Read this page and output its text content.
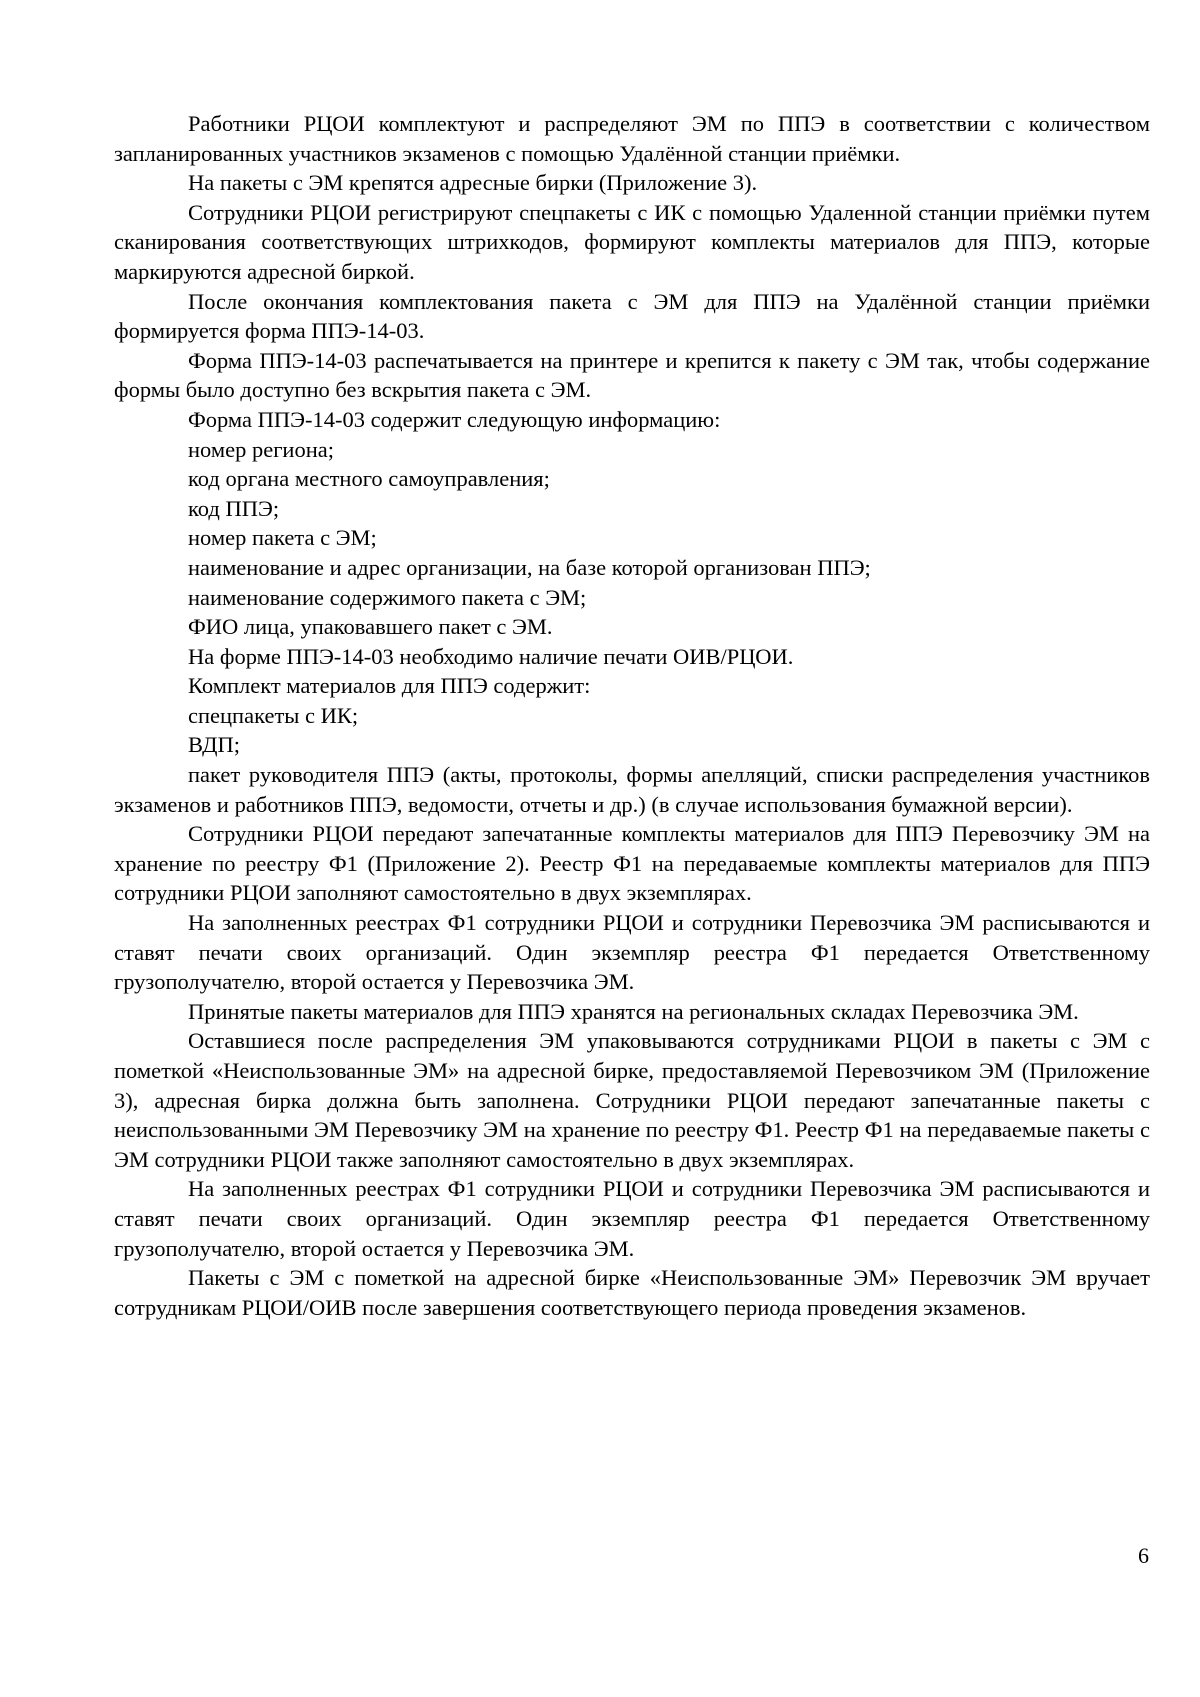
Работники РЦОИ комплектуют и распределяют ЭМ по ППЭ в соответствии с количеством запланированных участников экзаменов с помощью Удалённой станции приёмки.

На пакеты с ЭМ крепятся адресные бирки (Приложение 3).

Сотрудники РЦОИ регистрируют спецпакеты с ИК с помощью Удаленной станции приёмки путем сканирования соответствующих штрихкодов, формируют комплекты материалов для ППЭ, которые маркируются адресной биркой.

После окончания комплектования пакета с ЭМ для ППЭ на Удалённой станции приёмки формируется форма ППЭ-14-03.

Форма ППЭ-14-03 распечатывается на принтере и крепится к пакету с ЭМ так, чтобы содержание формы было доступно без вскрытия пакета с ЭМ.

Форма ППЭ-14-03 содержит следующую информацию:

номер региона;

код органа местного самоуправления;

код ППЭ;

номер пакета с ЭМ;

наименование и адрес организации, на базе которой организован ППЭ;

наименование содержимого пакета с ЭМ;

ФИО лица, упаковавшего пакет с ЭМ.

На форме ППЭ-14-03 необходимо наличие печати ОИВ/РЦОИ.

Комплект материалов для ППЭ содержит:

спецпакеты с ИК;

ВДП;

пакет руководителя ППЭ (акты, протоколы, формы апелляций, списки распределения участников экзаменов и работников ППЭ, ведомости, отчеты и др.) (в случае использования бумажной версии).

Сотрудники РЦОИ передают запечатанные комплекты материалов для ППЭ Перевозчику ЭМ на хранение по реестру Ф1 (Приложение 2). Реестр Ф1 на передаваемые комплекты материалов для ППЭ сотрудники РЦОИ заполняют самостоятельно в двух экземплярах.

На заполненных реестрах Ф1 сотрудники РЦОИ и сотрудники Перевозчика ЭМ расписываются и ставят печати своих организаций. Один экземпляр реестра Ф1 передается Ответственному грузополучателю, второй остается у Перевозчика ЭМ.

Принятые пакеты материалов для ППЭ хранятся на региональных складах Перевозчика ЭМ.

Оставшиеся после распределения ЭМ упаковываются сотрудниками РЦОИ в пакеты с ЭМ с пометкой «Неиспользованные ЭМ» на адресной бирке, предоставляемой Перевозчиком ЭМ (Приложение 3), адресная бирка должна быть заполнена. Сотрудники РЦОИ передают запечатанные пакеты с неиспользованными ЭМ Перевозчику ЭМ на хранение по реестру Ф1. Реестр Ф1 на передаваемые пакеты с ЭМ сотрудники РЦОИ также заполняют самостоятельно в двух экземплярах.

На заполненных реестрах Ф1 сотрудники РЦОИ и сотрудники Перевозчика ЭМ расписываются и ставят печати своих организаций. Один экземпляр реестра Ф1 передается Ответственному грузополучателю, второй остается у Перевозчика ЭМ.

Пакеты с ЭМ с пометкой на адресной бирке «Неиспользованные ЭМ» Перевозчик ЭМ вручает сотрудникам РЦОИ/ОИВ после завершения соответствующего периода проведения экзаменов.

6
